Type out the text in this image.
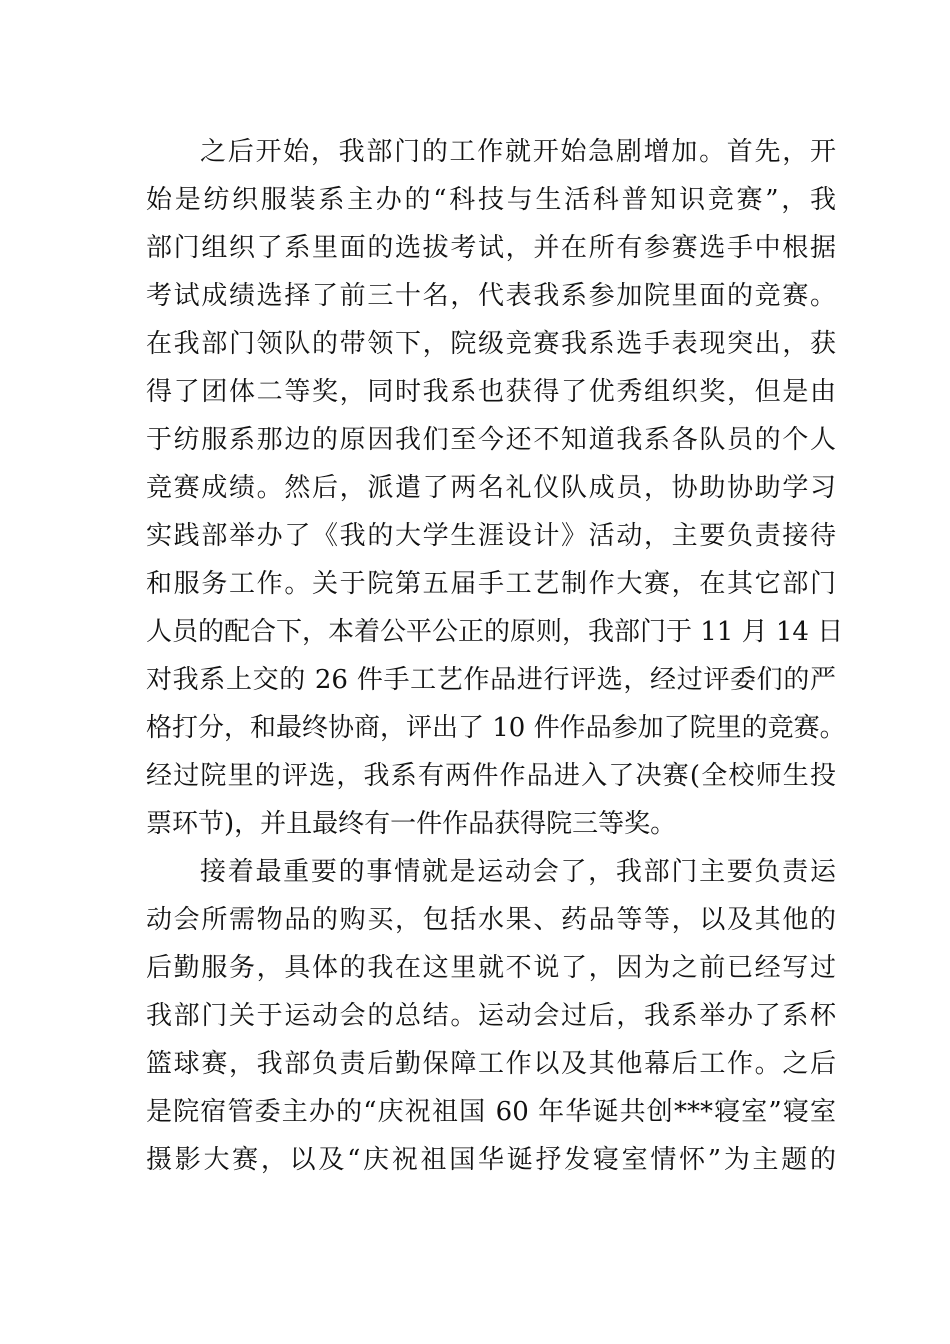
之后开始，我部门的工作就开始急剧增加。首先，开
始是纺织服装系主办的“科技与生活科普知识竞赛”，我
部门组织了系里面的选拔考试，并在所有参赛选手中根据
考试成绩选择了前三十名，代表我系参加院里面的竞赛。
在我部门领队的带领下，院级竞赛我系选手表现突出，获
得了团体二等奖，同时我系也获得了优秀组织奖，但是由
于纺服系那边的原因我们至今还不知道我系各队员的个人
竞赛成绩。然后，派遣了两名礼仪队成员，协助协助学习
实践部举办了《我的大学生涯设计》活动，主要负责接待
和服务工作。关于院第五届手工艺制作大赛，在其它部门
人员的配合下，本着公平公正的原则，我部门于 11 月 14 日
对我系上交的 26 件手工艺作品进行评选，经过评委们的严
格打分，和最终协商，评出了 10 件作品参加了院里的竞赛。
经过院里的评选，我系有两件作品进入了决赛(全校师生投
票环节)，并且最终有一件作品获得院三等奖。
接着最重要的事情就是运动会了，我部门主要负责运
动会所需物品的购买，包括水果、药品等等，以及其他的
后勤服务，具体的我在这里就不说了，因为之前已经写过
我部门关于运动会的总结。运动会过后，我系举办了系杯
篮球赛，我部负责后勤保障工作以及其他幕后工作。之后
是院宿管委主办的“庆祝祖国 60 年华诞共创***寝室”寝室
摄影大赛，以及“庆祝祖国华诞抒发寝室情怀”为主题的
